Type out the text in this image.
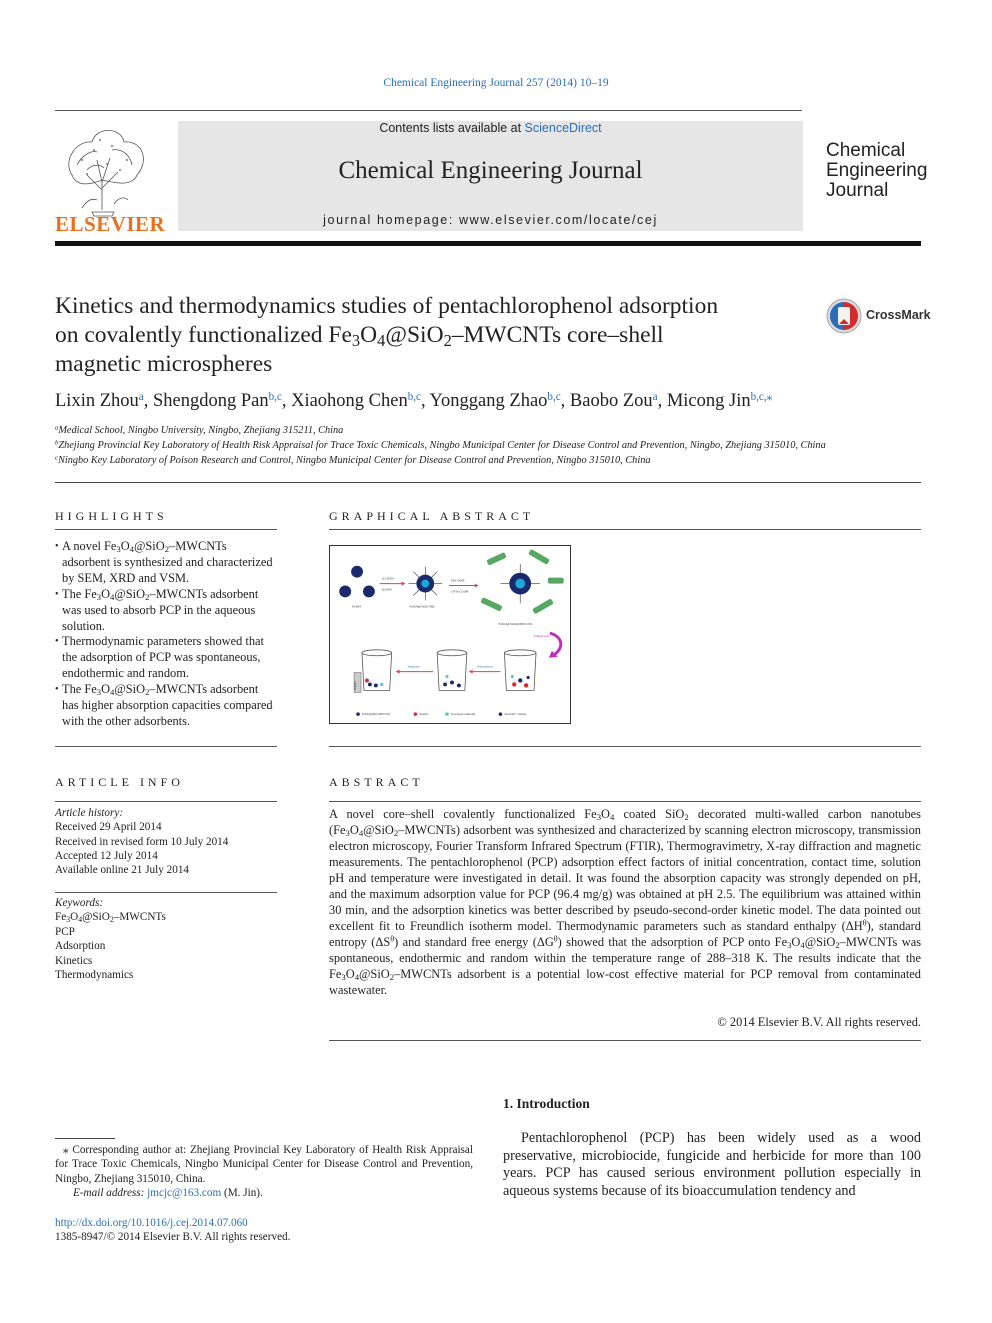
Chemical Engineering Journal 257 (2014) 10–19
ELSEVIER
Contents lists available at ScienceDirect
Chemical Engineering Journal
journal homepage: www.elsevier.com/locate/cej
Chemical
Engineering
Journal
Kinetics and thermodynamics studies of pentachlorophenol adsorption
on covalently functionalized $Fe_3O_4@SiO_2$–MWCNTs core–shell
magnetic microspheres
CrossMark
Lixin Zhou$^a$, Shengdong Pan$^{b,c}$, Xiaohong Chen$^{b,c}$, Yonggang Zhao$^{b,c}$, Baobo Zou$^a$, Micong Jin$^{b,c,⁎}$
$^a$Medical School, Ningbo University, Ningbo, Zhejiang 315211, China
$^b$Zhejiang Provincial Key Laboratory of Health Risk Appraisal for Trace Toxic Chemicals, Ningbo Municipal Center for Disease Control and Prevention, Ningbo, Zhejiang 315010, China
$^c$Ningbo Key Laboratory of Poison Research and Control, Ningbo Municipal Center for Disease Control and Prevention, Ningbo 315010, China
HIGHLIGHTS
• A novel $Fe_3O_4@SiO_2$–MWCNTs adsorbent is synthesized and characterized by SEM, XRD and VSM.
• The $Fe_3O_4@SiO_2$–MWCNTs adsorbent was used to absorb PCP in the aqueous solution.
• Thermodynamic parameters showed that the adsorption of PCP was spontaneous, endothermic and random.
• The $Fe_3O_4@SiO_2$–MWCNTs adsorbent has higher absorption capacities compared with the other adsorbents.
GRAPHICAL ABSTRACT
Fe3O4
(1) TEOS
(2) APS
Fe3O4@SiO2-NH2
EDC/NHS
CNTs-COOH
Fe3O4@SiO2@MWCNTs
Dispersion
Magnet
Adsorption
Separate
Fe3O4@SiO2-MWCNTs	Analyte	Non-target compound	adsorbent + analyte
ARTICLE INFO
Article history:
Received 29 April 2014
Received in revised form 10 July 2014
Accepted 12 July 2014
Available online 21 July 2014
Keywords:
$Fe_3O_4@SiO_2$–MWCNTs
PCP
Adsorption
Kinetics
Thermodynamics
ABSTRACT
A novel core–shell covalently functionalized $Fe_3O_4$ coated SiO$_2$ decorated multi-walled carbon nanotubes $(Fe_3O_4@SiO_2-MWCNTs)$ adsorbent was synthesized and characterized by scanning electron microscopy, transmission electron microscopy, Fourier Transform Infrared Spectrum (FTIR), Thermogravimetry, X-ray diffraction and magnetic measurements. The pentachlorophenol (PCP) adsorption effect factors of initial concentration, contact time, solution pH and temperature were investigated in detail. It was found the absorption capacity was strongly depended on pH, and the maximum adsorption value for PCP (96.4 mg/g) was obtained at pH 2.5. The equilibrium was attained within 30 min, and the adsorption kinetics was better described by pseudo-second-order kinetic model. The data pointed out excellent fit to Freundlich isotherm model. Thermodynamic parameters such as standard enthalpy $(\Delta H^\theta)$, standard entropy $(\Delta S^\theta)$ and standard free energy $(\Delta G^\theta)$ showed that the adsorption of PCP onto $Fe_3O_4@SiO_2$–MWCNTs was spontaneous, endothermic and random within the temperature range of 288–318 K. The results indicate that the $Fe_3O_4@SiO_2$–MWCNTs adsorbent is a potential low-cost effective material for PCP removal from contaminated wastewater.
© 2014 Elsevier B.V. All rights reserved.
1. Introduction
Pentachlorophenol (PCP) has been widely used as a wood preservative, microbiocide, fungicide and herbicide for more than 100 years. PCP has caused serious environment pollution especially in aqueous systems because of its bioaccumulation tendency and
⁎ Corresponding author at: Zhejiang Provincial Key Laboratory of Health Risk Appraisal for Trace Toxic Chemicals, Ningbo Municipal Center for Disease Control and Prevention, Ningbo, Zhejiang 315010, China.
E-mail address: jmcjc@163.com (M. Jin).
http://dx.doi.org/10.1016/j.cej.2014.07.060
1385-8947/© 2014 Elsevier B.V. All rights reserved.
